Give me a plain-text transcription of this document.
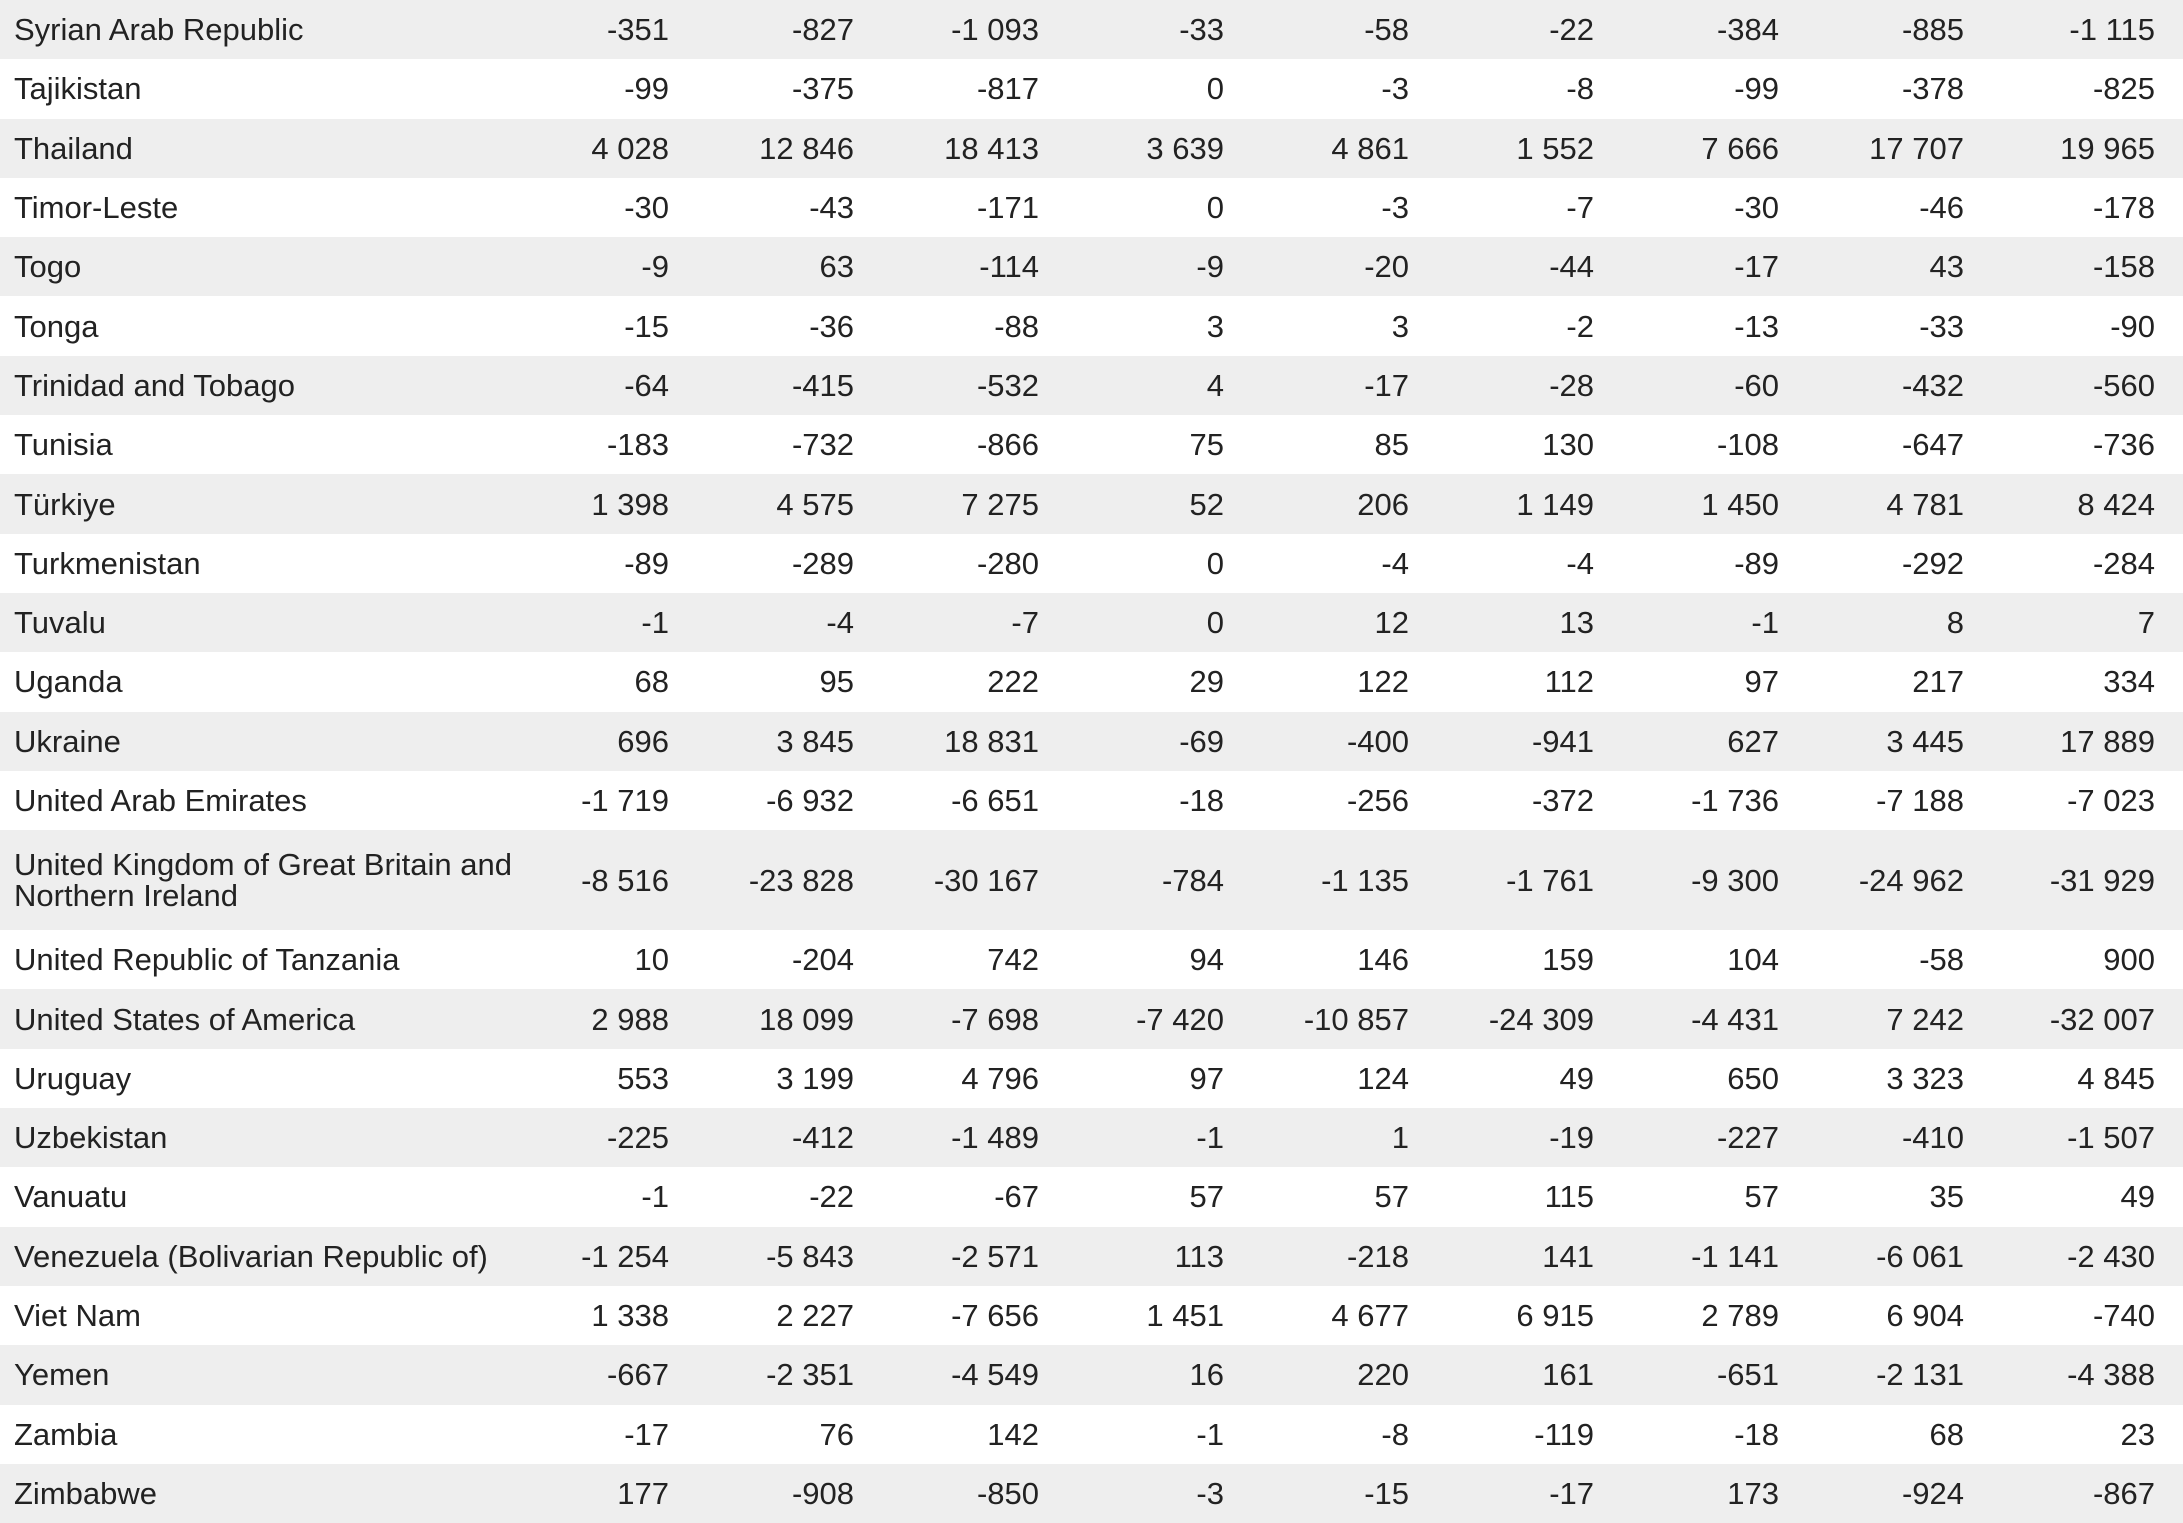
Syrian Arab Republic	-351	-827	-1 093	-33	-58	-22	-384	-885	-1 115
Tajikistan	-99	-375	-817	0	-3	-8	-99	-378	-825
Thailand	4 028	12 846	18 413	3 639	4 861	1 552	7 666	17 707	19 965
Timor-Leste	-30	-43	-171	0	-3	-7	-30	-46	-178
Togo	-9	63	-114	-9	-20	-44	-17	43	-158
Tonga	-15	-36	-88	3	3	-2	-13	-33	-90
Trinidad and Tobago	-64	-415	-532	4	-17	-28	-60	-432	-560
Tunisia	-183	-732	-866	75	85	130	-108	-647	-736
Türkiye	1 398	4 575	7 275	52	206	1 149	1 450	4 781	8 424
Turkmenistan	-89	-289	-280	0	-4	-4	-89	-292	-284
Tuvalu	-1	-4	-7	0	12	13	-1	8	7
Uganda	68	95	222	29	122	112	97	217	334
Ukraine	696	3 845	18 831	-69	-400	-941	627	3 445	17 889
United Arab Emirates	-1 719	-6 932	-6 651	-18	-256	-372	-1 736	-7 188	-7 023
United Kingdom of Great Britain and Northern Ireland	-8 516	-23 828	-30 167	-784	-1 135	-1 761	-9 300	-24 962	-31 929
United Republic of Tanzania	10	-204	742	94	146	159	104	-58	900
United States of America	2 988	18 099	-7 698	-7 420	-10 857	-24 309	-4 431	7 242	-32 007
Uruguay	553	3 199	4 796	97	124	49	650	3 323	4 845
Uzbekistan	-225	-412	-1 489	-1	1	-19	-227	-410	-1 507
Vanuatu	-1	-22	-67	57	57	115	57	35	49
Venezuela (Bolivarian Republic of)	-1 254	-5 843	-2 571	113	-218	141	-1 141	-6 061	-2 430
Viet Nam	1 338	2 227	-7 656	1 451	4 677	6 915	2 789	6 904	-740
Yemen	-667	-2 351	-4 549	16	220	161	-651	-2 131	-4 388
Zambia	-17	76	142	-1	-8	-119	-18	68	23
Zimbabwe	177	-908	-850	-3	-15	-17	173	-924	-867
